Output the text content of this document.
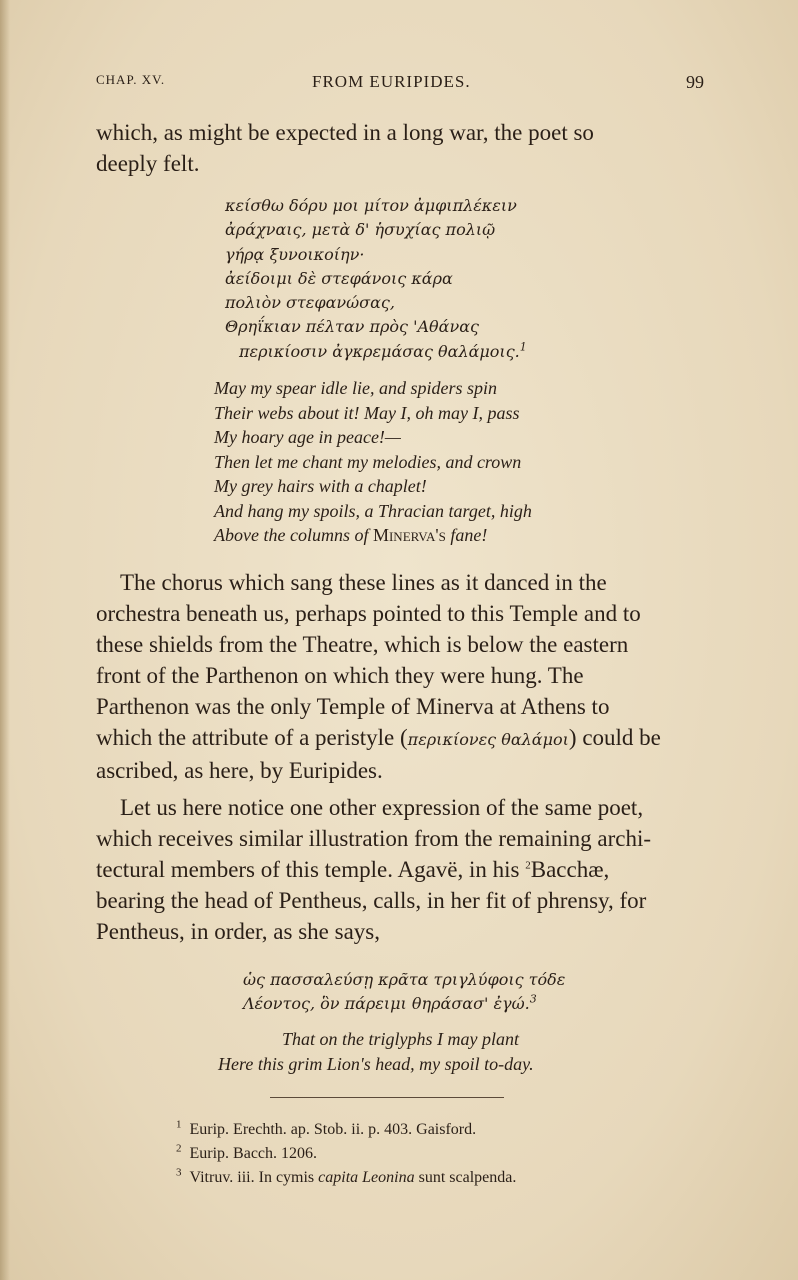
CHAP. XV.	FROM EURIPIDES.	99

which, as might be expected in a long war, the poet so
deeply felt.

κείσθω δόρυ μοι μίτον ἀμφιπλέκειν
ἀράχναις, μετὰ δ' ἡσυχίας πολιῷ
γήρᾳ ξυνοικοίην·
ἀείδοιμι δὲ στεφάνοις κάρα
πολιὸν στεφανώσας,
Θρηΐκιαν πέλταν πρὸς 'Αθάνας
περικίοσιν ἀγκρεμάσας θαλάμοις.$^1$
May my spear idle lie, and spiders spin
Their webs about it! May I, oh may I, pass
My hoary age in peace!—
Then let me chant my melodies, and crown
My grey hairs with a chaplet!
And hang my spoils, a Thracian target, high
Above the columns of Minerva's fane!

The chorus which sang these lines as it danced in the
orchestra beneath us, perhaps pointed to this Temple and to
these shields from the Theatre, which is below the eastern
front of the Parthenon on which they were hung. The
Parthenon was the only Temple of Minerva at Athens to
which the attribute of a peristyle (περικίονες θαλάμοι) could be
ascribed, as here, by Euripides.

Let us here notice one other expression of the same poet,
which receives similar illustration from the remaining archi-
tectural members of this temple. Agavë, in his $^2$Bacchæ,
bearing the head of Pentheus, calls, in her fit of phrensy, for
Pentheus, in order, as she says,

ὡς πασσαλεύσῃ κρᾶτα τριγλύφοις τόδε
Λέοντος, ὃν πάρειμι θηράσασ' ἐγώ.$^3$
That on the triglyphs I may plant
Here this grim Lion's head, my spoil to-day.
$^1$ Eurip. Erechth. ap. Stob. ii. p. 403. Gaisford.
$^2$ Eurip. Bacch. 1206.
$^3$ Vitruv. iii. In cymis capita Leonina sunt scalpenda.
